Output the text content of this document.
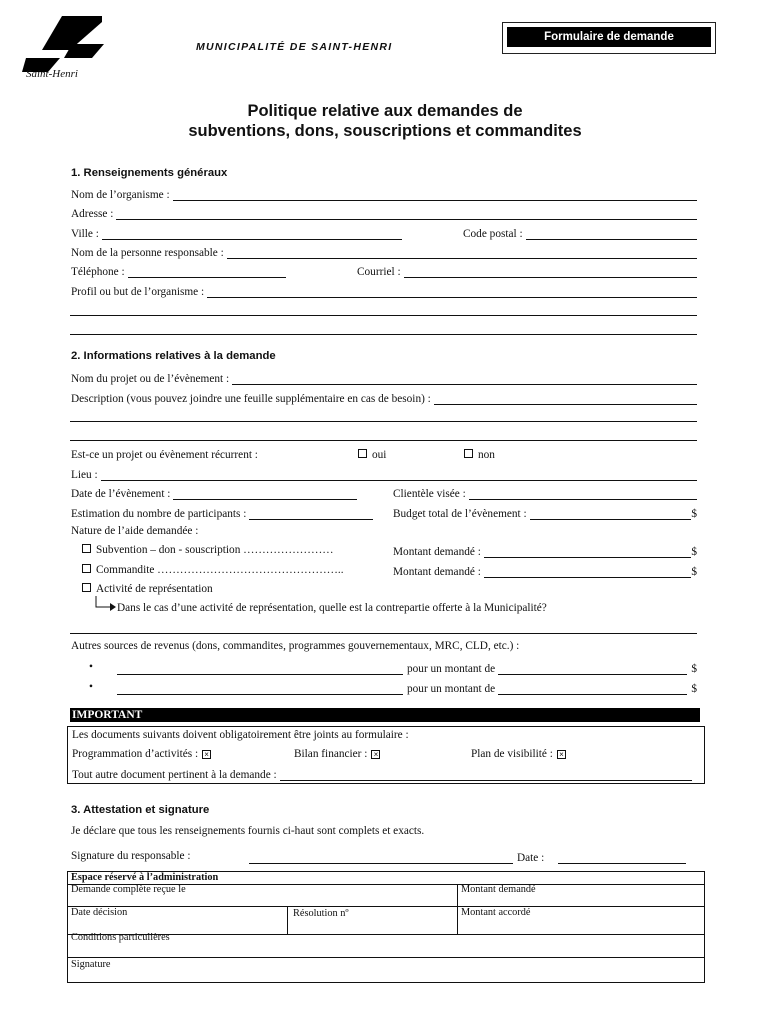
Saint-Henri
MUNICIPALITÉ DE SAINT-HENRI
Formulaire de demande
Politique relative aux demandes de
subventions, dons, souscriptions et commandites
1. Renseignements généraux
Nom de l’organisme :
Adresse :
Ville :	Code postal :
Nom de la personne responsable :
Téléphone :	Courriel :
Profil ou but de l’organisme :
2. Informations relatives à la demande
Nom du projet ou de l’évènement :
Description (vous pouvez joindre une feuille supplémentaire en cas de besoin) :
Est-ce un projet ou évènement récurrent :	oui	non
Lieu :
Date de l’évènement :	Clientèle visée :
Estimation du nombre de participants :	Budget total de l’évènement :	$
Nature de l’aide demandée :
Subvention – don - souscription ……………………	Montant demandé :	$
Commandite …………………………………………..	Montant demandé :	$
Activité de représentation
Dans le cas d’une activité de représentation, quelle est la contrepartie offerte à la Municipalité?
Autres sources de revenus (dons, commandites, programmes gouvernementaux, MRC, CLD, etc.) :
•	pour un montant de	$
•	pour un montant de	$
IMPORTANT
Les documents suivants doivent obligatoirement être joints au formulaire :
Programmation d’activités : ×	Bilan financier : ×	Plan de visibilité : ×
Tout autre document pertinent à la demande :
3. Attestation et signature
Je déclare que tous les renseignements fournis ci-haut sont complets et exacts.
Signature du responsable :	Date :
Espace réservé à l’administration
Demande complète reçue le	Montant demandé
Date décision	Résolution nº	Montant accordé
Conditions particulières
Signature
